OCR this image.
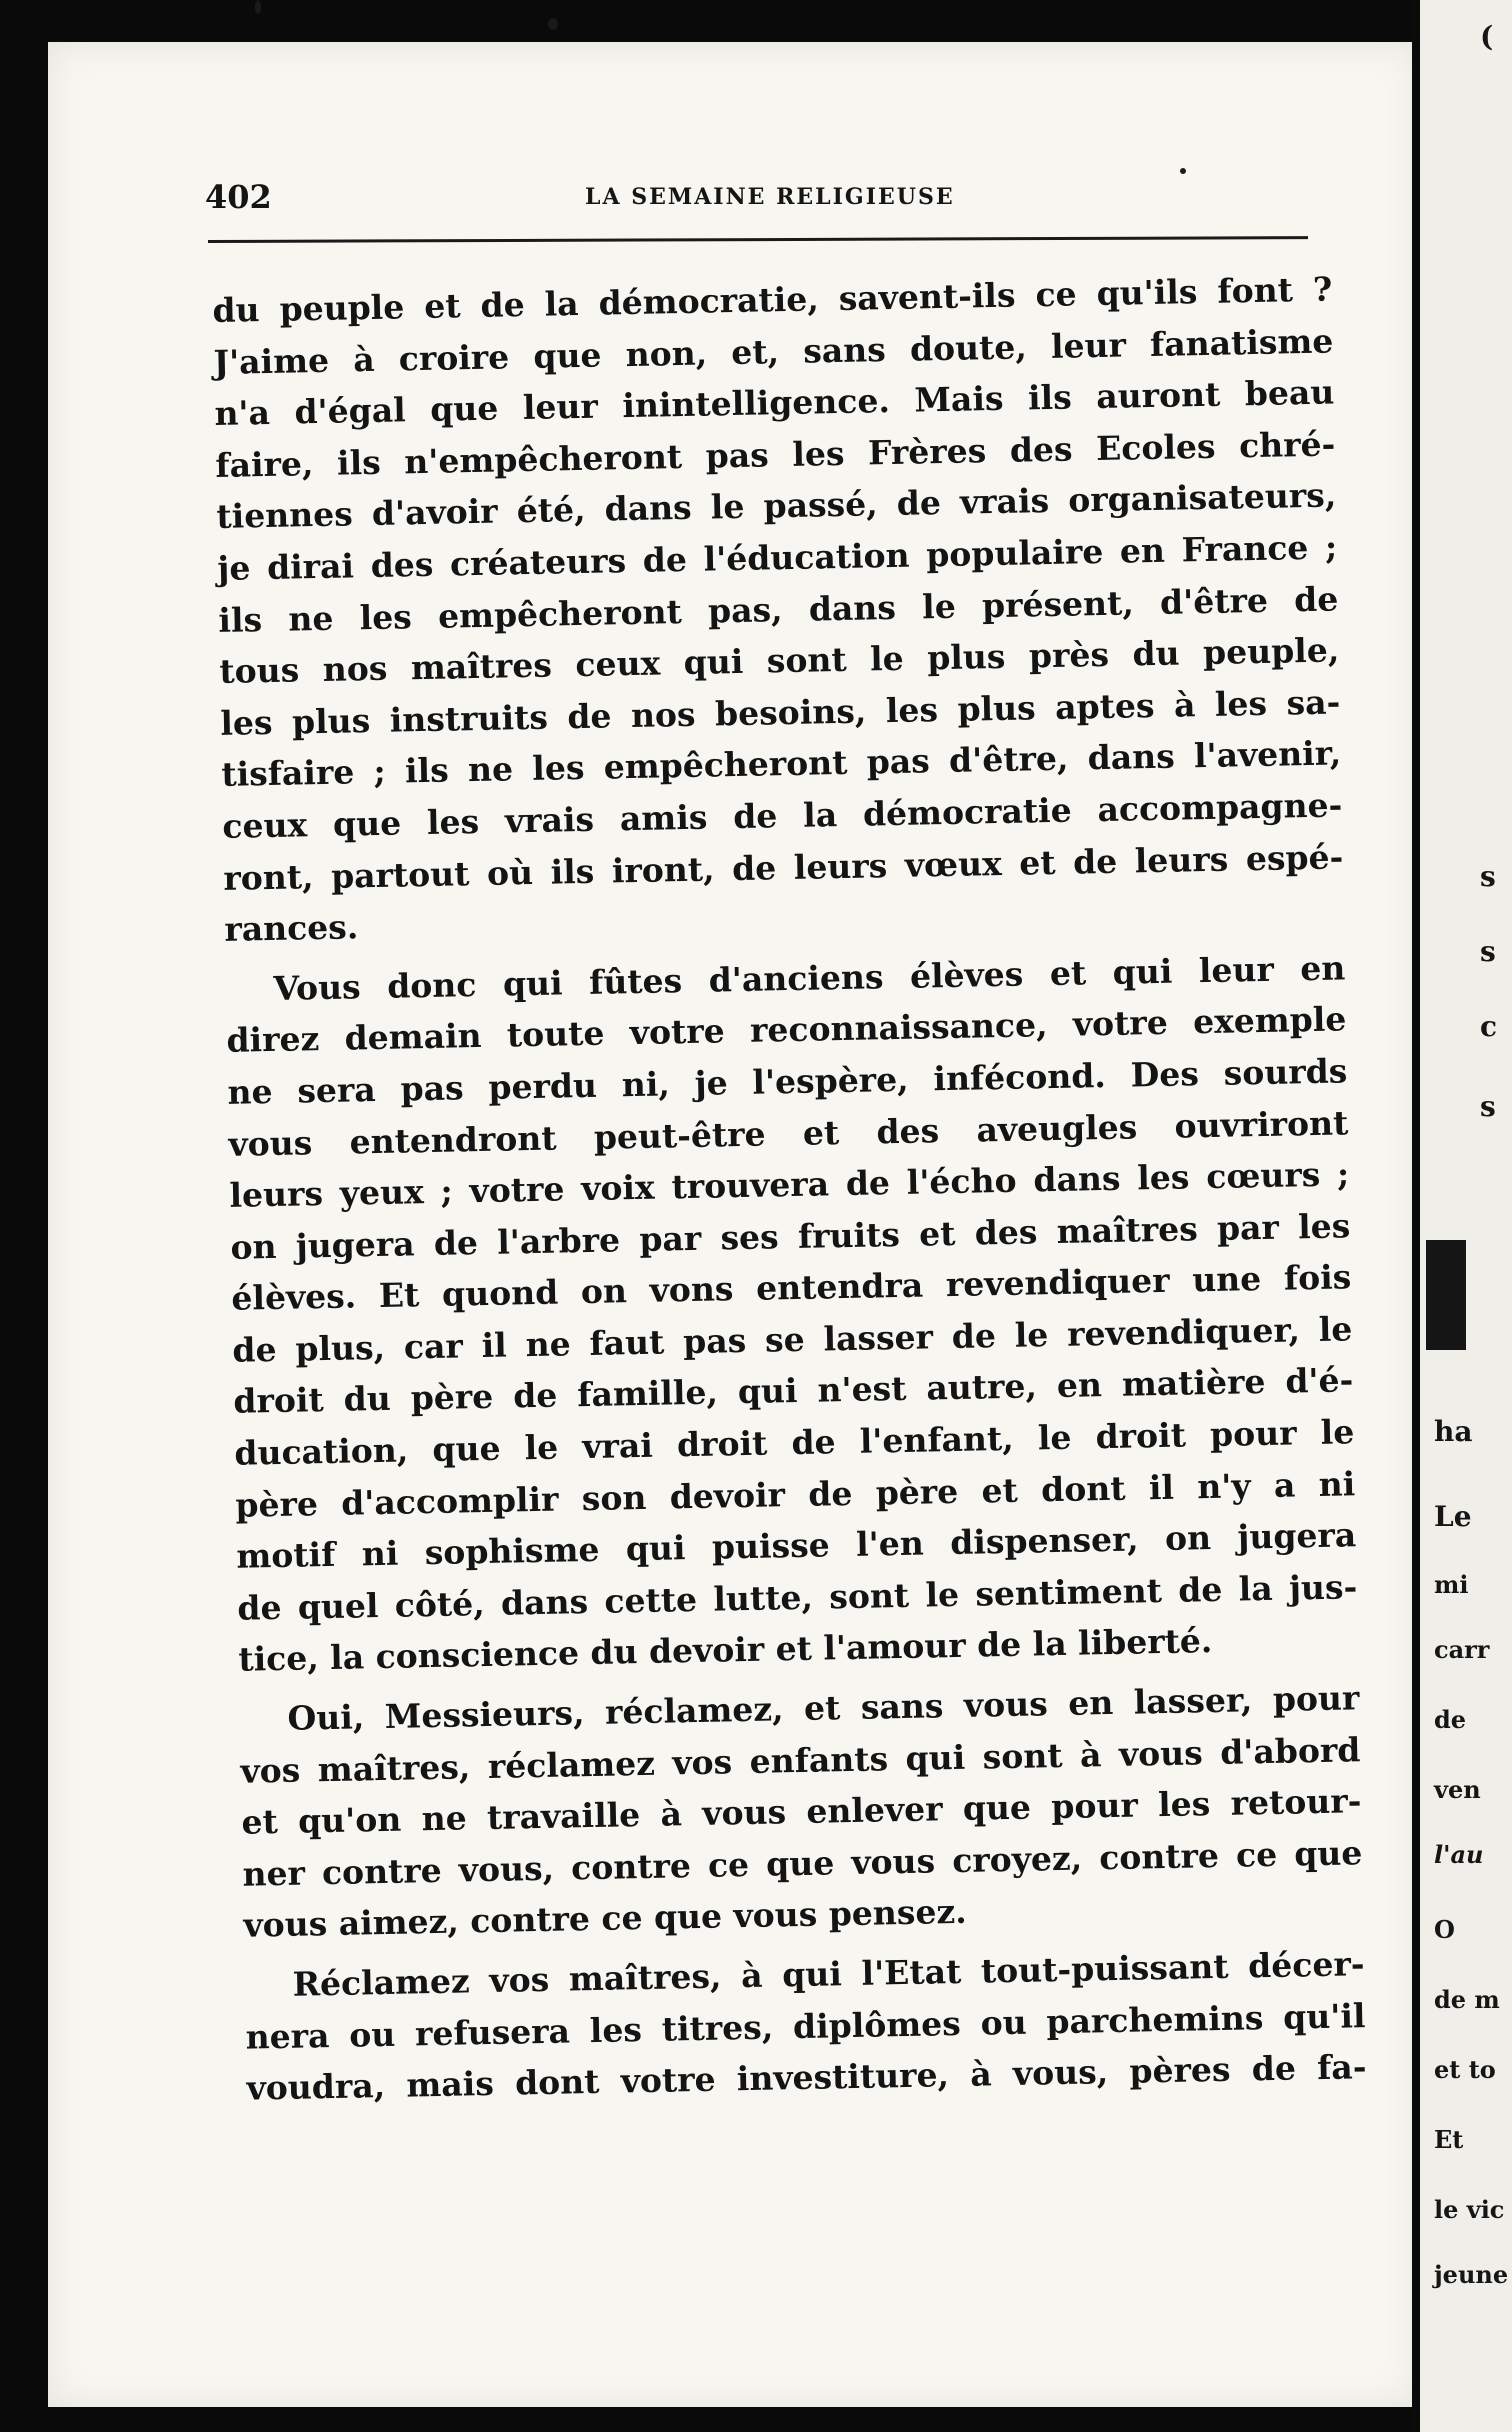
402	LA SEMAINE RELIGIEUSE
du peuple et de la démocratie, savent-ils ce qu'ils font ?
J'aime à croire que non, et, sans doute, leur fanatisme
n'a d'égal que leur inintelligence. Mais ils auront beau
faire, ils n'empêcheront pas les Frères des Ecoles chré-
tiennes d'avoir été, dans le passé, de vrais organisateurs,
je dirai des créateurs de l'éducation populaire en France ;
ils ne les empêcheront pas, dans le présent, d'être de
tous nos maîtres ceux qui sont le plus près du peuple,
les plus instruits de nos besoins, les plus aptes à les sa-
tisfaire ; ils ne les empêcheront pas d'être, dans l'avenir,
ceux que les vrais amis de la démocratie accompagne-
ront, partout où ils iront, de leurs vœux et de leurs espé-
rances.
Vous donc qui fûtes d'anciens élèves et qui leur en
direz demain toute votre reconnaissance, votre exemple
ne sera pas perdu ni, je l'espère, infécond. Des sourds
vous entendront peut-être et des aveugles ouvriront
leurs yeux ; votre voix trouvera de l'écho dans les cœurs ;
on jugera de l'arbre par ses fruits et des maîtres par les
élèves. Et quond on vons entendra revendiquer une fois
de plus, car il ne faut pas se lasser de le revendiquer, le
droit du père de famille, qui n'est autre, en matière d'é-
ducation, que le vrai droit de l'enfant, le droit pour le
père d'accomplir son devoir de père et dont il n'y a ni
motif ni sophisme qui puisse l'en dispenser, on jugera
de quel côté, dans cette lutte, sont le sentiment de la jus-
tice, la conscience du devoir et l'amour de la liberté.
Oui, Messieurs, réclamez, et sans vous en lasser, pour
vos maîtres, réclamez vos enfants qui sont à vous d'abord
et qu'on ne travaille à vous enlever que pour les retour-
ner contre vous, contre ce que vous croyez, contre ce que
vous aimez, contre ce que vous pensez.
Réclamez vos maîtres, à qui l'Etat tout-puissant décer-
nera ou refusera les titres, diplômes ou parchemins qu'il
voudra, mais dont votre investiture, à vous, pères de fa-
(
s
s
c
s
ha
Le
mi
carr
de
ven
l'au
O
de m
et to
Et
le vic
jeune
